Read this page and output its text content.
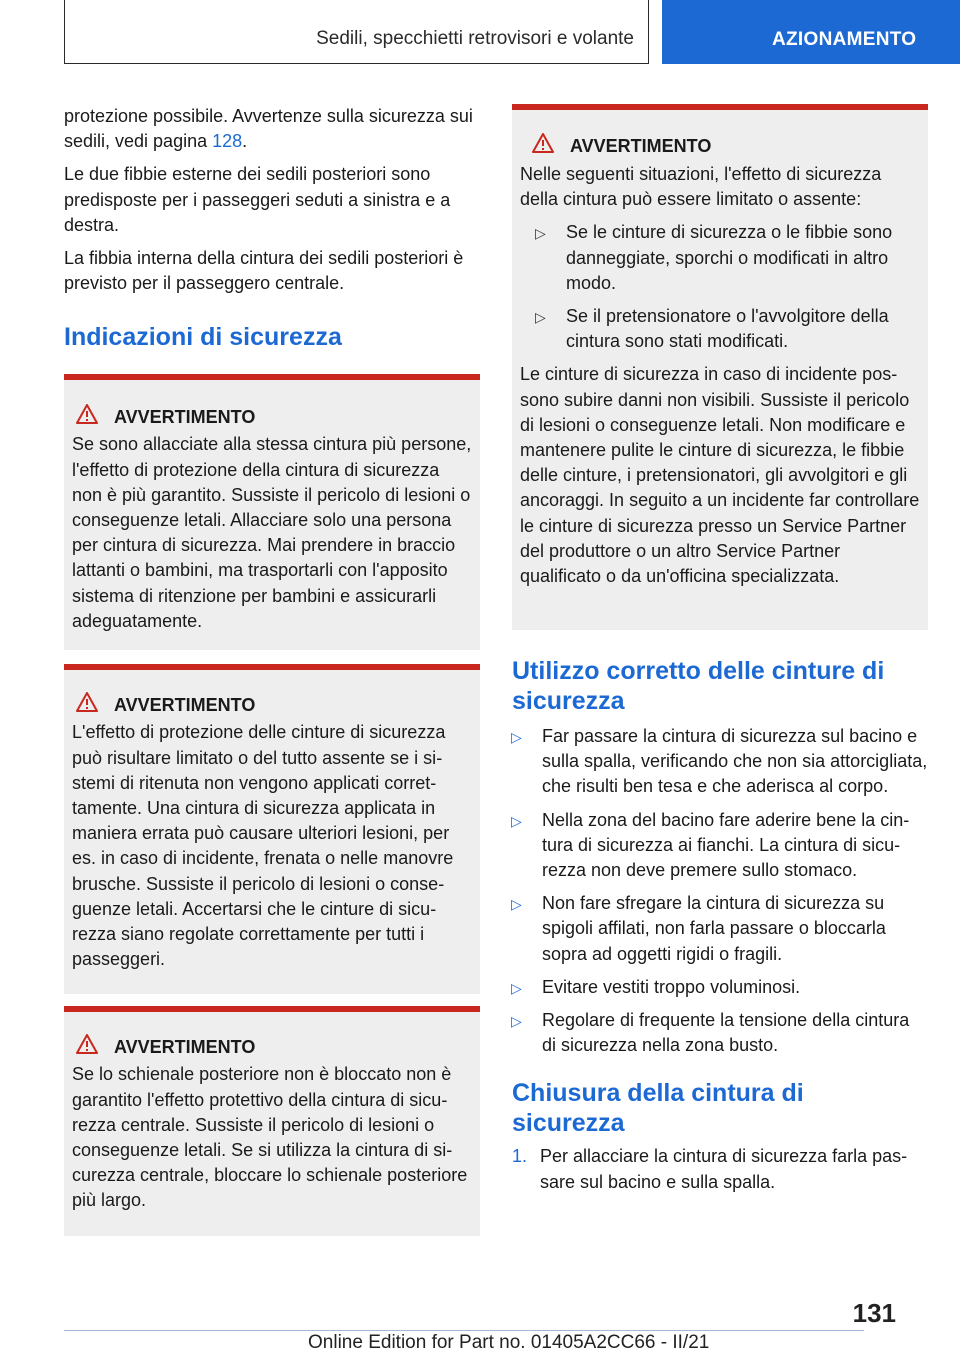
Sedili, specchietti retrovisori e volante	AZIONAMENTO

protezione possibile. Avvertenze sulla sicurezza sui sedili, vedi pagina 128.

Le due fibbie esterne dei sedili posteriori sono predisposte per i passeggeri seduti a sinistra e a destra.

La fibbia interna della cintura dei sedili posteriori è previsto per il passeggero centrale.

Indicazioni di sicurezza
AVVERTIMENTO

Se sono allacciate alla stessa cintura più persone, l'effetto di protezione della cintura di sicurezza non è più garantito. Sussiste il pericolo di lesioni o conseguenze letali. Allacciare solo una persona per cintura di sicurezza. Mai prendere in braccio lattanti o bambini, ma trasportarli con l'apposito sistema di ritenzione per bambini e assicurarli adeguatamente.

AVVERTIMENTO

L'effetto di protezione delle cinture di sicurezza può risultare limitato o del tutto assente se i sistemi di ritenuta non vengono applicati correttamente. Una cintura di sicurezza applicata in maniera errata può causare ulteriori lesioni, per es. in caso di incidente, frenata o nelle manovre brusche. Sussiste il pericolo di lesioni o conseguenze letali. Accertarsi che le cinture di sicurezza siano regolate correttamente per tutti i passeggeri.

AVVERTIMENTO

Se lo schienale posteriore non è bloccato non è garantito l'effetto protettivo della cintura di sicurezza centrale. Sussiste il pericolo di lesioni o conseguenze letali. Se si utilizza la cintura di sicurezza centrale, bloccare lo schienale posteriore più largo.

AVVERTIMENTO

Nelle seguenti situazioni, l'effetto di sicurezza della cintura può essere limitato o assente:

▷ Se le cinture di sicurezza o le fibbie sono danneggiate, sporchi o modificati in altro modo.
▷ Se il pretensionatore o l'avvolgitore della cintura sono stati modificati.

Le cinture di sicurezza in caso di incidente possono subire danni non visibili. Sussiste il pericolo di lesioni o conseguenze letali. Non modificare e mantenere pulite le cinture di sicurezza, le fibbie delle cinture, i pretensionatori, gli avvolgitori e gli ancoraggi. In seguito a un incidente far controllare le cinture di sicurezza presso un Service Partner del produttore o un altro Service Partner qualificato o da un'officina specializzata.

Utilizzo corretto delle cinture di sicurezza
▷ Far passare la cintura di sicurezza sul bacino e sulla spalla, verificando che non sia attorcigliata, che risulti ben tesa e che aderisca al corpo.
▷ Nella zona del bacino fare aderire bene la cintura di sicurezza ai fianchi. La cintura di sicurezza non deve premere sullo stomaco.
▷ Non fare sfregare la cintura di sicurezza su spigoli affilati, non farla passare o bloccarla sopra ad oggetti rigidi o fragili.
▷ Evitare vestiti troppo voluminosi.
▷ Regolare di frequente la tensione della cintura di sicurezza nella zona busto.
Chiusura della cintura di sicurezza
1. Per allacciare la cintura di sicurezza farla passare sul bacino e sulla spalla.
131
Online Edition for Part no. 01405A2CC66 - II/21
